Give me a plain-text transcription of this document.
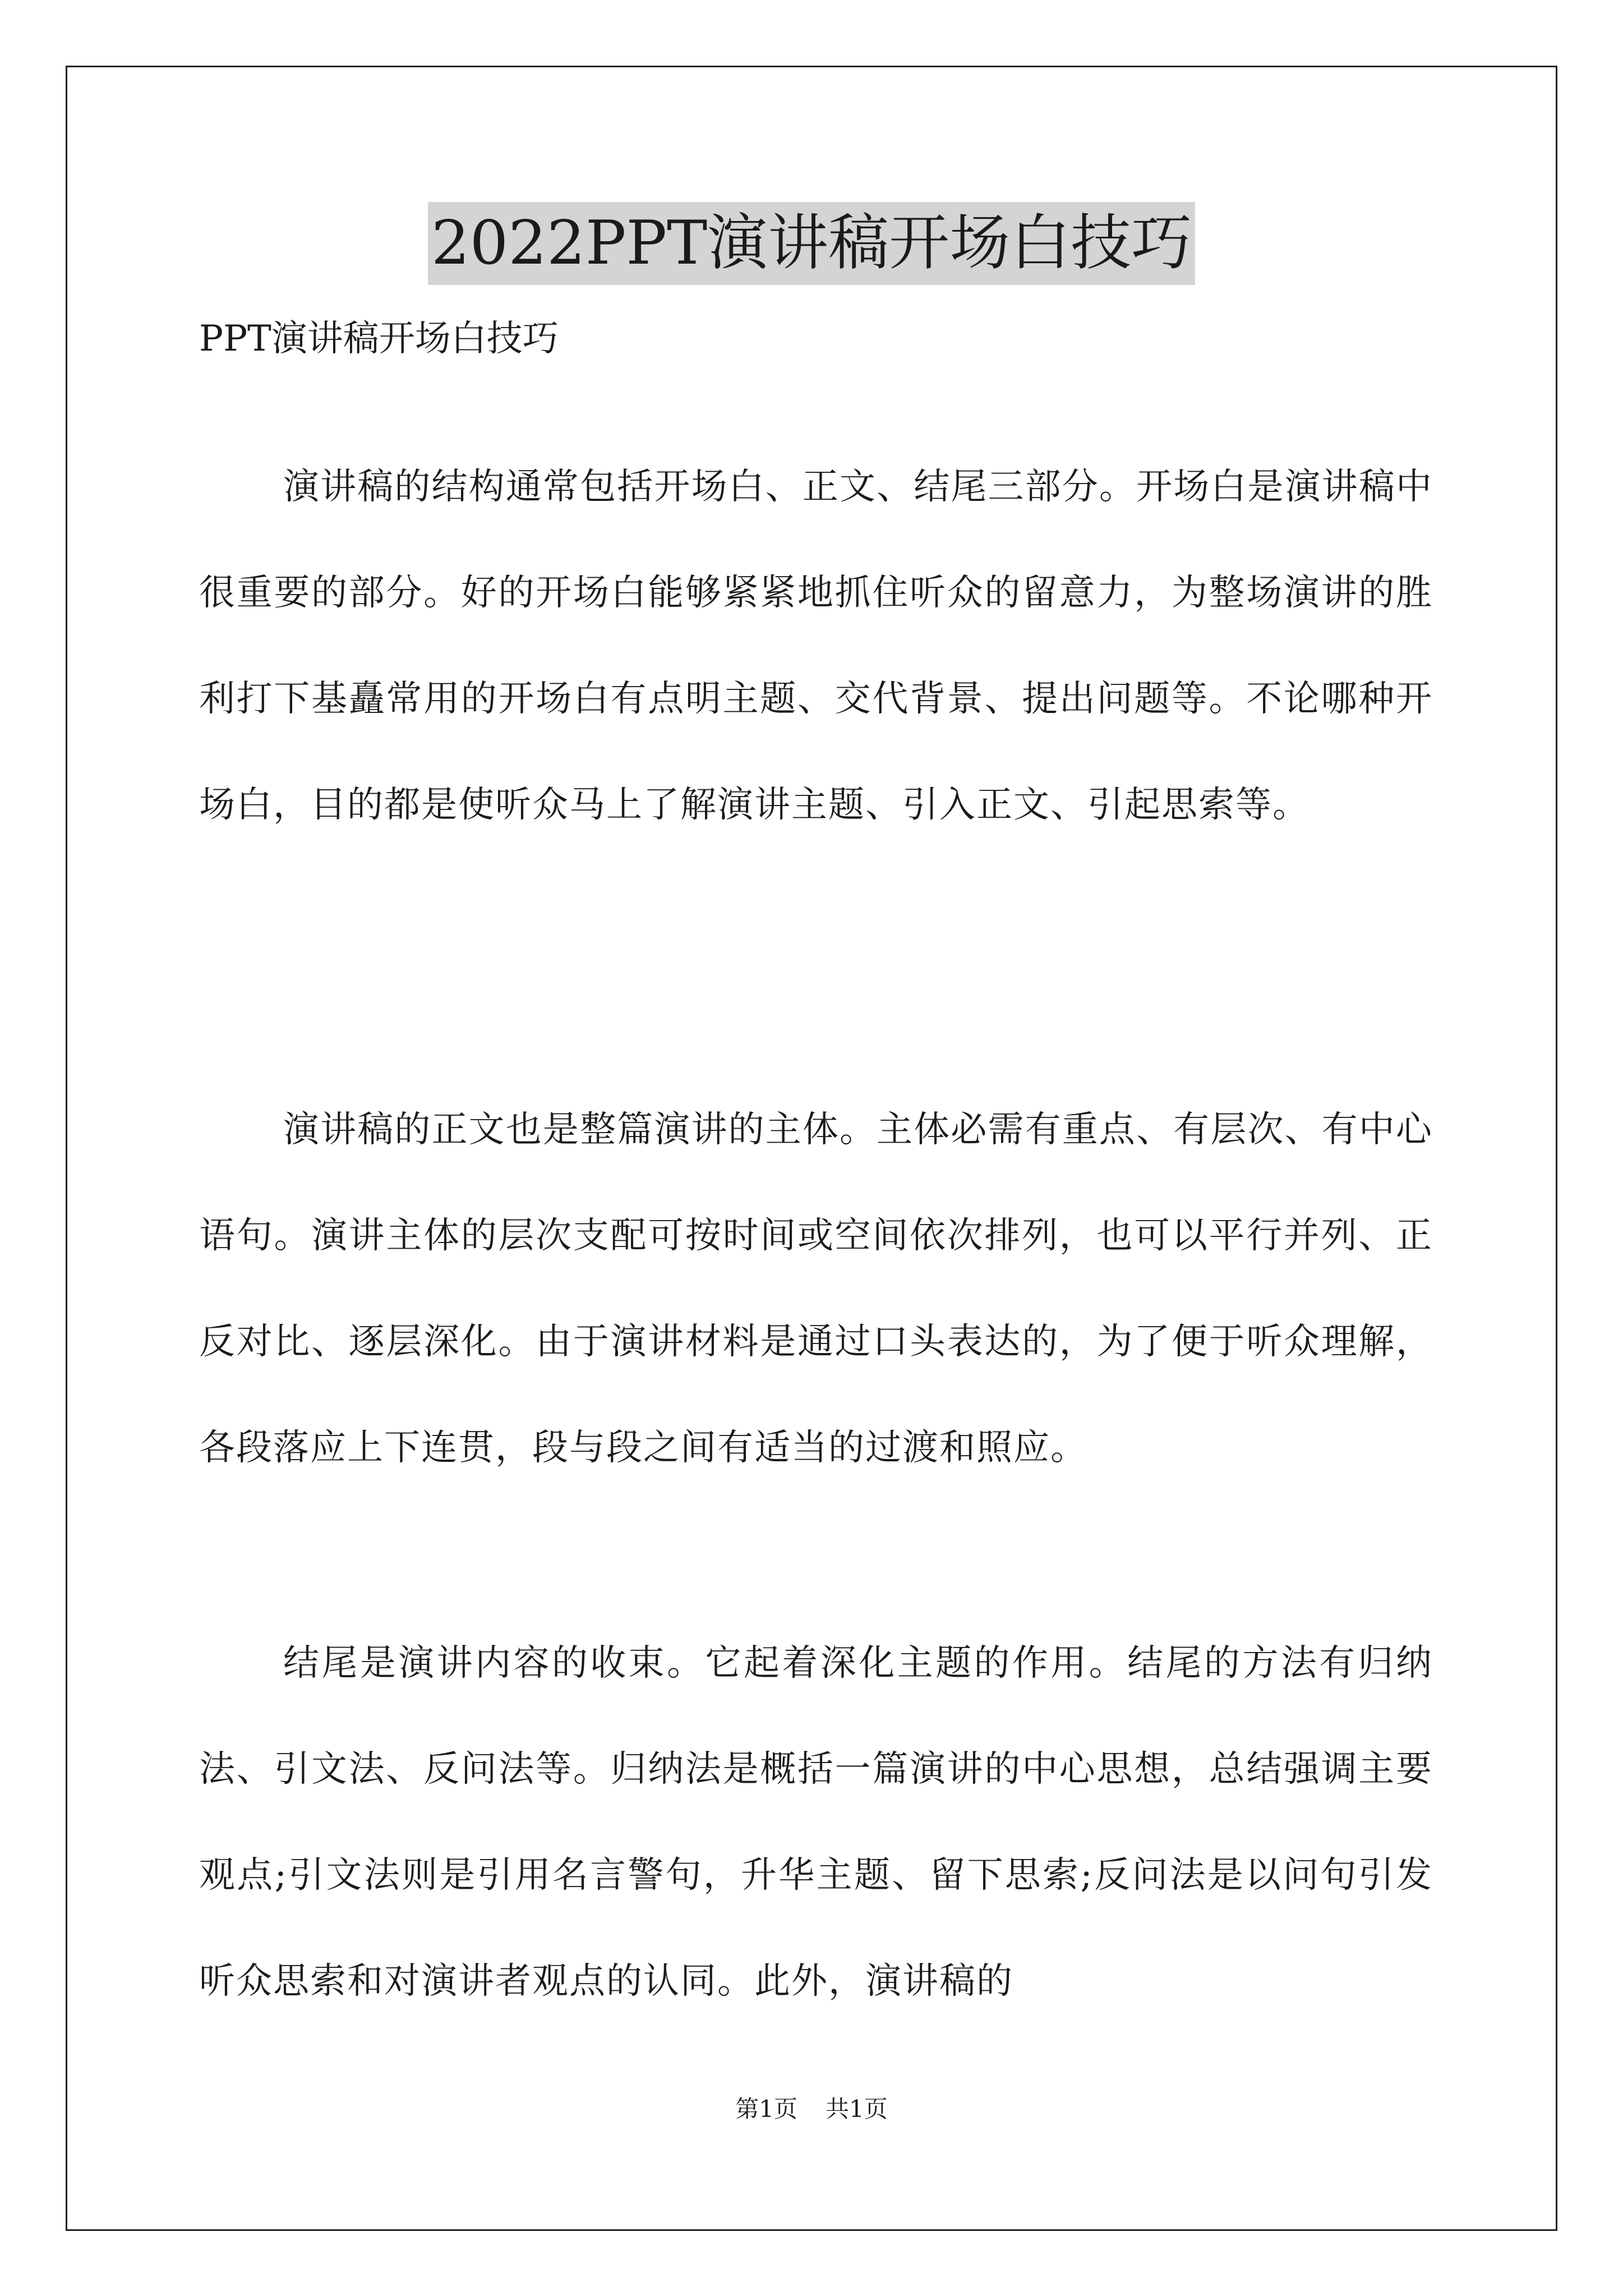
2022PPT演讲稿开场白技巧

PPT演讲稿开场白技巧

演讲稿的结构通常包括开场白、正文、结尾三部分。开场白是演讲稿中很重要的部分。好的开场白能够紧紧地抓住听众的留意力，为整场演讲的胜利打下基矗常用的开场白有点明主题、交代背景、提出问题等。不论哪种开场白，目的都是使听众马上了解演讲主题、引入正文、引起思索等。

演讲稿的正文也是整篇演讲的主体。主体必需有重点、有层次、有中心语句。演讲主体的层次支配可按时间或空间依次排列，也可以平行并列、正反对比、逐层深化。由于演讲材料是通过口头表达的，为了便于听众理解，各段落应上下连贯，段与段之间有适当的过渡和照应。

结尾是演讲内容的收束。它起着深化主题的作用。结尾的方法有归纳法、引文法、反问法等。归纳法是概括一篇演讲的中心思想，总结强调主要观点;引文法则是引用名言警句，升华主题、留下思索;反问法是以问句引发听众思索和对演讲者观点的认同。此外，演讲稿的

第1页 共1页
